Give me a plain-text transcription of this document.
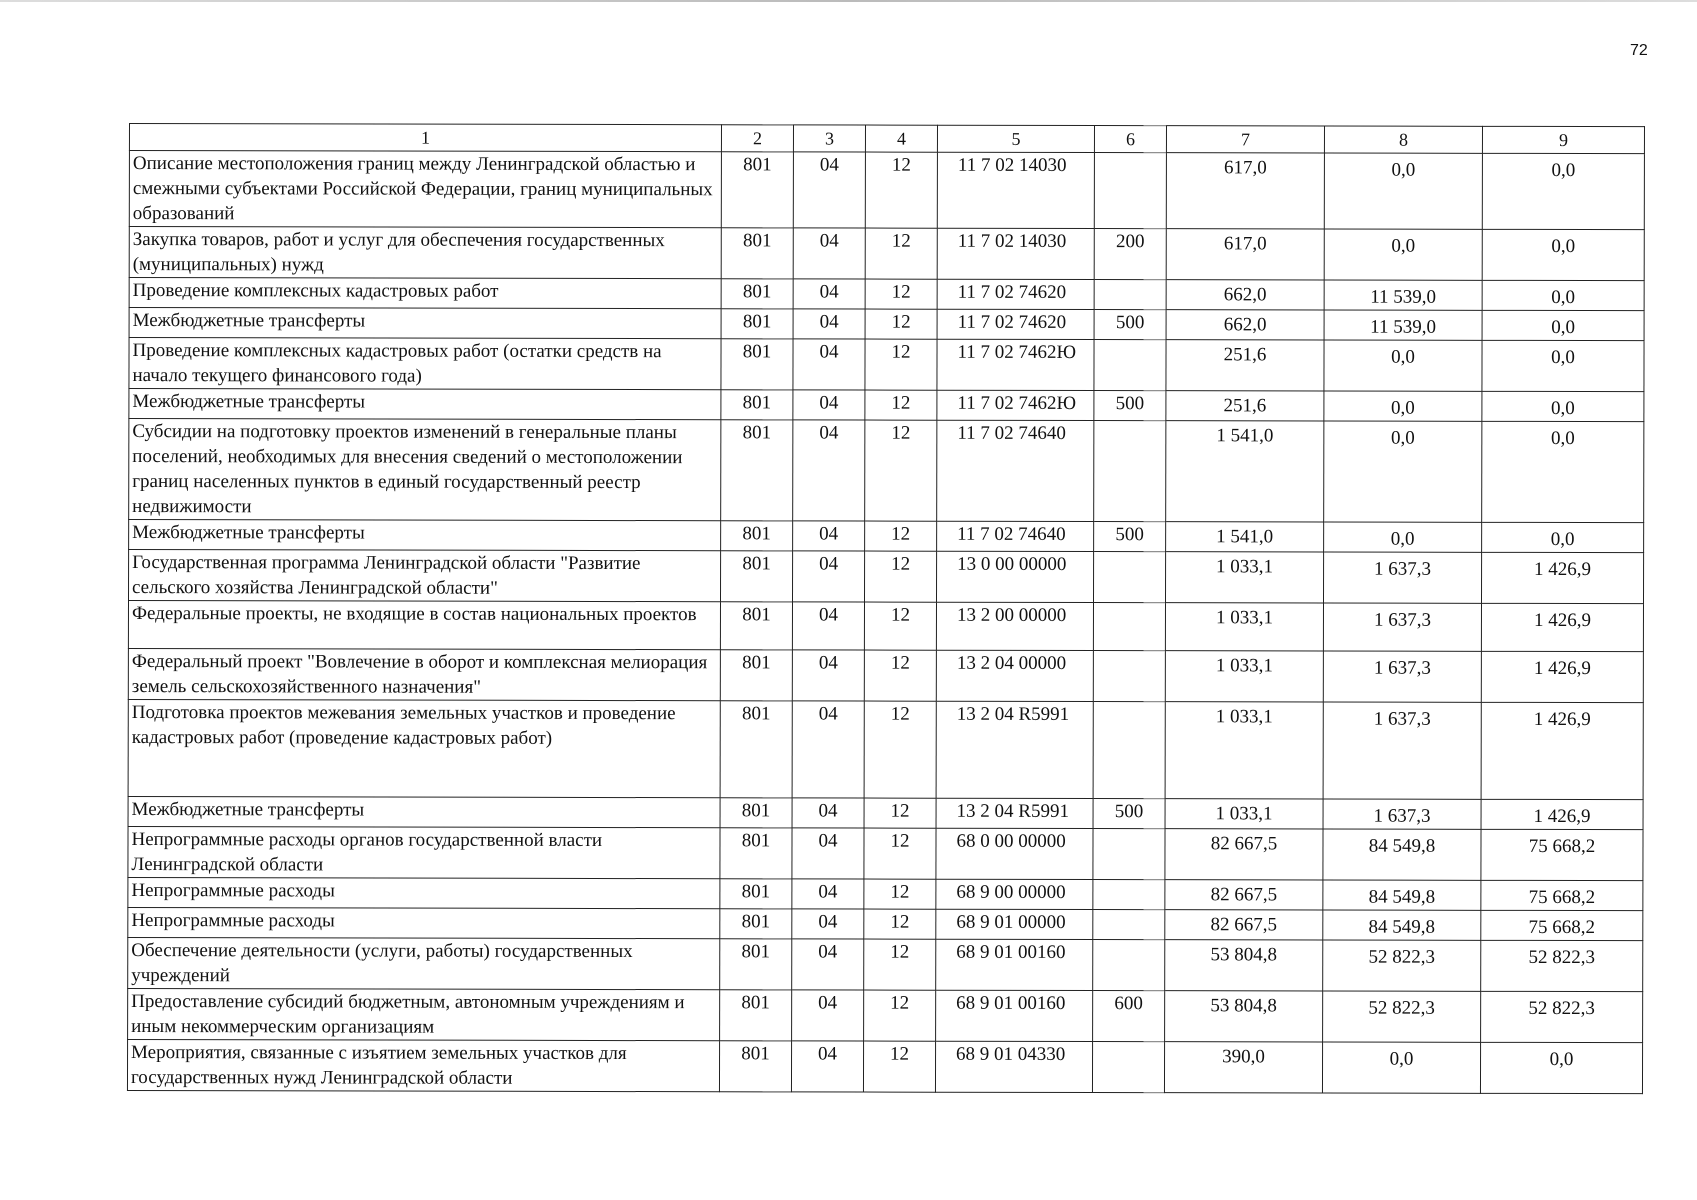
72
1	2	3	4	5	6	7	8	9
Описание местоположения границ между Ленинградской областью и смежными субъектами Российской Федерации, границ муниципальных образований	801	04	12	11 7 02 14030		617,0	0,0	0,0
Закупка товаров, работ и услуг для обеспечения государственных (муниципальных) нужд	801	04	12	11 7 02 14030	200	617,0	0,0	0,0
Проведение комплексных кадастровых работ	801	04	12	11 7 02 74620		662,0	11 539,0	0,0
Межбюджетные трансферты	801	04	12	11 7 02 74620	500	662,0	11 539,0	0,0
Проведение комплексных кадастровых работ (остатки средств на начало текущего финансового года)	801	04	12	11 7 02 7462Ю		251,6	0,0	0,0
Межбюджетные трансферты	801	04	12	11 7 02 7462Ю	500	251,6	0,0	0,0
Субсидии на подготовку проектов изменений в генеральные планы поселений, необходимых для внесения сведений о местоположении границ населенных пунктов в единый государственный реестр недвижимости	801	04	12	11 7 02 74640		1 541,0	0,0	0,0
Межбюджетные трансферты	801	04	12	11 7 02 74640	500	1 541,0	0,0	0,0
Государственная программа Ленинградской области "Развитие сельского хозяйства Ленинградской области"	801	04	12	13 0 00 00000		1 033,1	1 637,3	1 426,9
Федеральные проекты, не входящие в состав национальных проектов	801	04	12	13 2 00 00000		1 033,1	1 637,3	1 426,9
Федеральный проект "Вовлечение в оборот и комплексная мелиорация земель сельскохозяйственного назначения"	801	04	12	13 2 04 00000		1 033,1	1 637,3	1 426,9
Подготовка проектов межевания земельных участков и проведение кадастровых работ (проведение кадастровых работ)	801	04	12	13 2 04 R5991		1 033,1	1 637,3	1 426,9
Межбюджетные трансферты	801	04	12	13 2 04 R5991	500	1 033,1	1 637,3	1 426,9
Непрограммные расходы органов государственной власти Ленинградской области	801	04	12	68 0 00 00000		82 667,5	84 549,8	75 668,2
Непрограммные расходы	801	04	12	68 9 00 00000		82 667,5	84 549,8	75 668,2
Непрограммные расходы	801	04	12	68 9 01 00000		82 667,5	84 549,8	75 668,2
Обеспечение деятельности (услуги, работы) государственных учреждений	801	04	12	68 9 01 00160		53 804,8	52 822,3	52 822,3
Предоставление субсидий бюджетным, автономным учреждениям и иным некоммерческим организациям	801	04	12	68 9 01 00160	600	53 804,8	52 822,3	52 822,3
Мероприятия, связанные с изъятием земельных участков для государственных нужд Ленинградской области	801	04	12	68 9 01 04330		390,0	0,0	0,0
